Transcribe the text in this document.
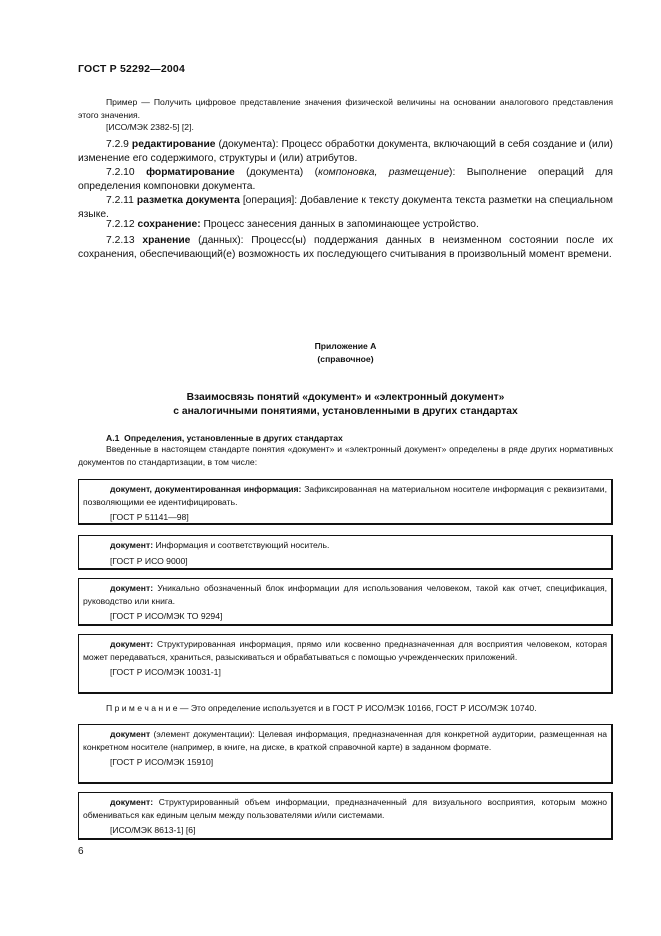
ГОСТ Р 52292—2004
Пример — Получить цифровое представление значения физической величины на основании аналогового представления этого значения.
[ИСО/МЭК 2382-5] [2].
7.2.9 редактирование (документа): Процесс обработки документа, включающий в себя создание и (или) изменение его содержимого, структуры и (или) атрибутов.
7.2.10 форматирование (документа) (компоновка, размещение): Выполнение операций для определения компоновки документа.
7.2.11 разметка документа [операция]: Добавление к тексту документа текста разметки на специальном языке.
7.2.12 сохранение: Процесс занесения данных в запоминающее устройство.
7.2.13 хранение (данных): Процесс(ы) поддержания данных в неизменном состоянии после их сохранения, обеспечивающий(е) возможность их последующего считывания в произвольный момент времени.
Приложение А
(справочное)
Взаимосвязь понятий «документ» и «электронный документ»
с аналогичными понятиями, установленными в других стандартах
А.1 Определения, установленные в других стандартах
Введенные в настоящем стандарте понятия «документ» и «электронный документ» определены в ряде других нормативных документов по стандартизации, в том числе:
документ, документированная информация: Зафиксированная на материальном носителе информация с реквизитами, позволяющими ее идентифицировать.
[ГОСТ Р 51141—98]
документ: Информация и соответствующий носитель.
[ГОСТ Р ИСО 9000]
документ: Уникально обозначенный блок информации для использования человеком, такой как отчет, спецификация, руководство или книга.
[ГОСТ Р ИСО/МЭК ТО 9294]
документ: Структурированная информация, прямо или косвенно предназначенная для восприятия человеком, которая может передаваться, храниться, разыскиваться и обрабатываться с помощью учрежденческих приложений.
[ГОСТ Р ИСО/МЭК 10031-1]
П р и м е ч а н и е — Это определение используется и в ГОСТ Р ИСО/МЭК 10166, ГОСТ Р ИСО/МЭК 10740.
документ (элемент документации): Целевая информация, предназначенная для конкретной аудитории, размещенная на конкретном носителе (например, в книге, на диске, в краткой справочной карте) в заданном формате.
[ГОСТ Р ИСО/МЭК 15910]
документ: Структурированный объем информации, предназначенный для визуального восприятия, которым можно обмениваться как единым целым между пользователями и/или системами.
[ИСО/МЭК 8613-1] [6]
6
